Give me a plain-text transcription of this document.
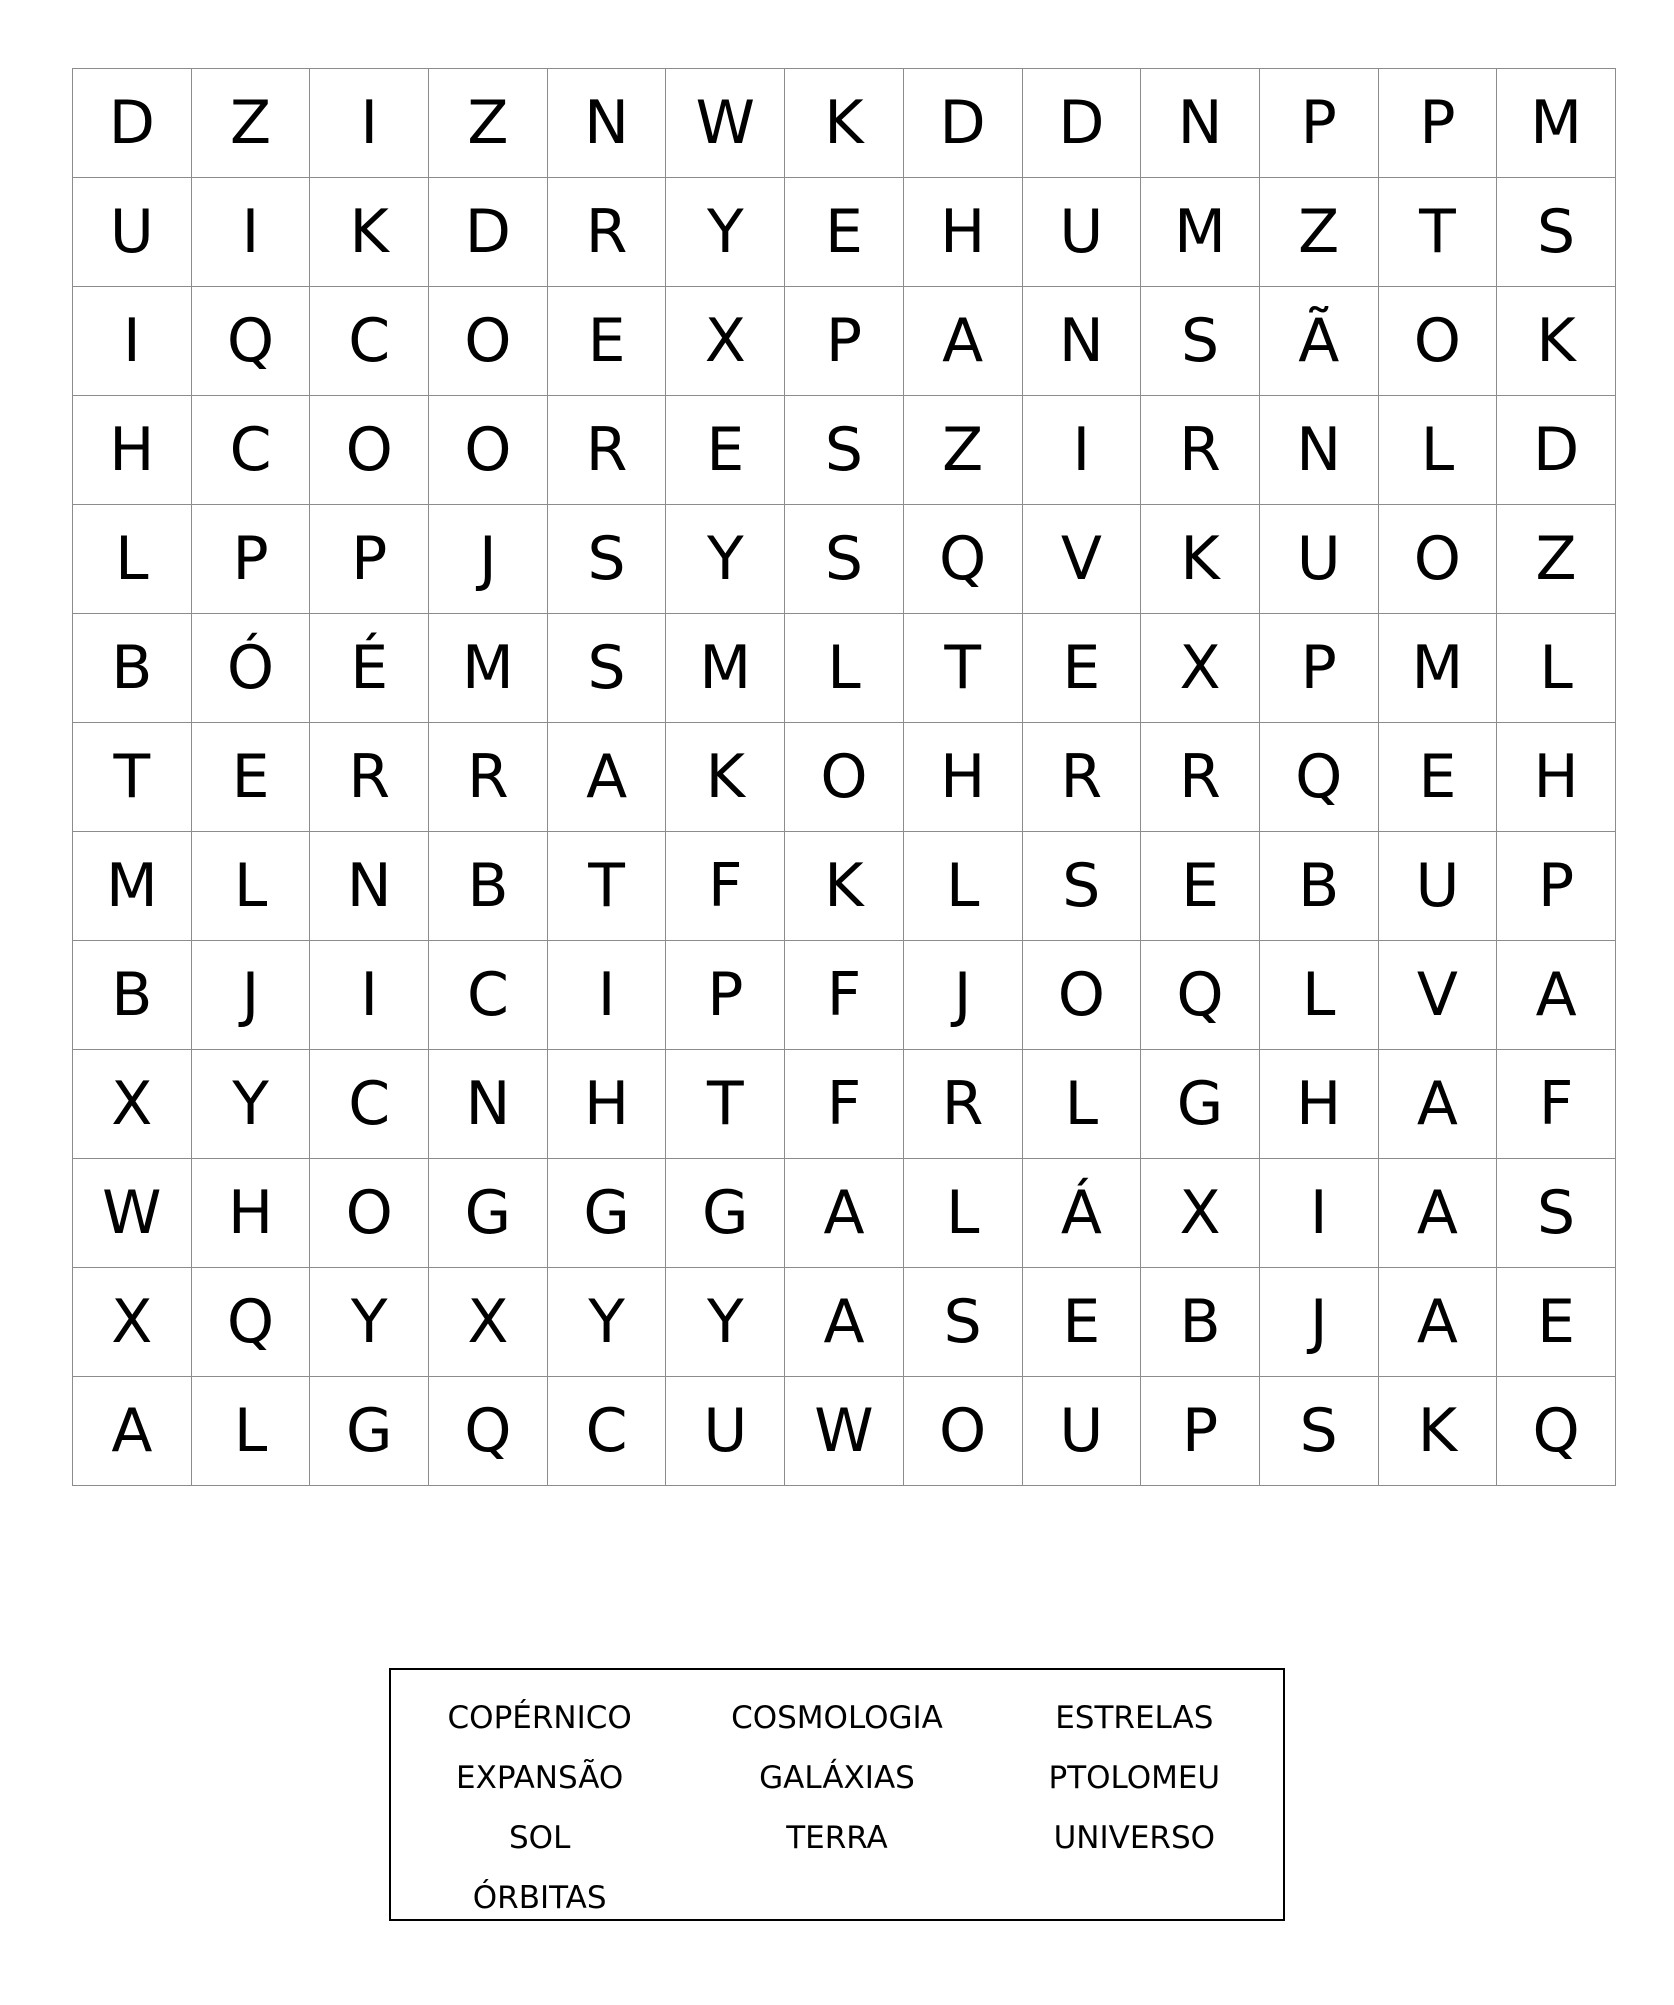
D	Z	I	Z	N	W	K	D	D	N	P	P	M
U	I	K	D	R	Y	E	H	U	M	Z	T	S
I	Q	C	O	E	X	P	A	N	S	Ã	O	K
H	C	O	O	R	E	S	Z	I	R	N	L	D
L	P	P	J	S	Y	S	Q	V	K	U	O	Z
B	Ó	É	M	S	M	L	T	E	X	P	M	L
T	E	R	R	A	K	O	H	R	R	Q	E	H
M	L	N	B	T	F	K	L	S	E	B	U	P
B	J	I	C	I	P	F	J	O	Q	L	V	A
X	Y	C	N	H	T	F	R	L	G	H	A	F
W	H	O	G	G	G	A	L	Á	X	I	A	S
X	Q	Y	X	Y	Y	A	S	E	B	J	A	E
A	L	G	Q	C	U	W	O	U	P	S	K	Q
COPÉRNICO	COSMOLOGIA	ESTRELAS
EXPANSÃO	GALÁXIAS	PTOLOMEU
SOL	TERRA	UNIVERSO
ÓRBITAS
